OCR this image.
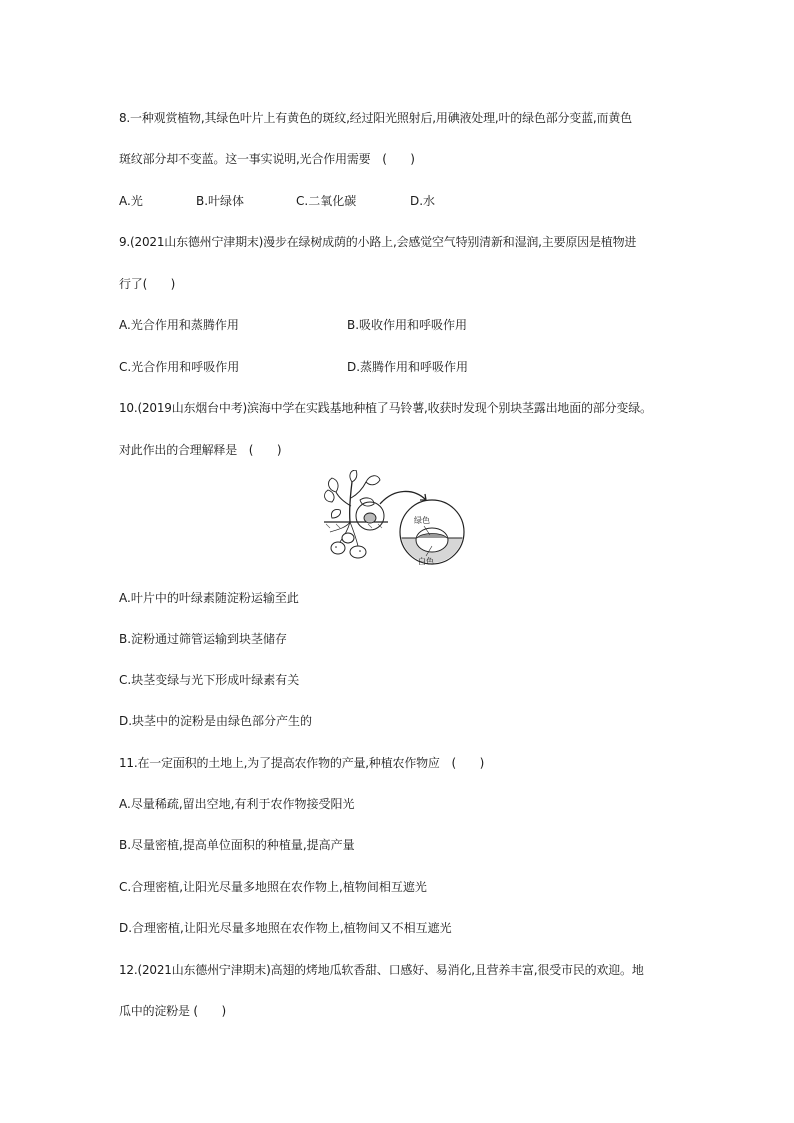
8.一种观赏植物,其绿色叶片上有黄色的斑纹,经过阳光照射后,用碘液处理,叶的绿色部分变蓝,而黄色
斑纹部分却不变蓝。这一事实说明,光合作用需要　(　　)
A.光	B.叶绿体	C.二氧化碳	D.水
9.(2021山东德州宁津期末)漫步在绿树成荫的小路上,会感觉空气特别清新和湿润,主要原因是植物进
行了(　　)
A.光合作用和蒸腾作用	B.吸收作用和呼吸作用
C.光合作用和呼吸作用	D.蒸腾作用和呼吸作用
10.(2019山东烟台中考)滨海中学在实践基地种植了马铃薯,收获时发现个别块茎露出地面的部分变绿。
对此作出的合理解释是　(　　)
绿色
白色
A.叶片中的叶绿素随淀粉运输至此
B.淀粉通过筛管运输到块茎储存
C.块茎变绿与光下形成叶绿素有关
D.块茎中的淀粉是由绿色部分产生的
11.在一定面积的土地上,为了提高农作物的产量,种植农作物应　(　　)
A.尽量稀疏,留出空地,有利于农作物接受阳光
B.尽量密植,提高单位面积的种植量,提高产量
C.合理密植,让阳光尽量多地照在农作物上,植物间相互遮光
D.合理密植,让阳光尽量多地照在农作物上,植物间又不相互遮光
12.(2021山东德州宁津期末)高翅的烤地瓜软香甜、口感好、易消化,且营养丰富,很受市民的欢迎。地
瓜中的淀粉是 (　　)
